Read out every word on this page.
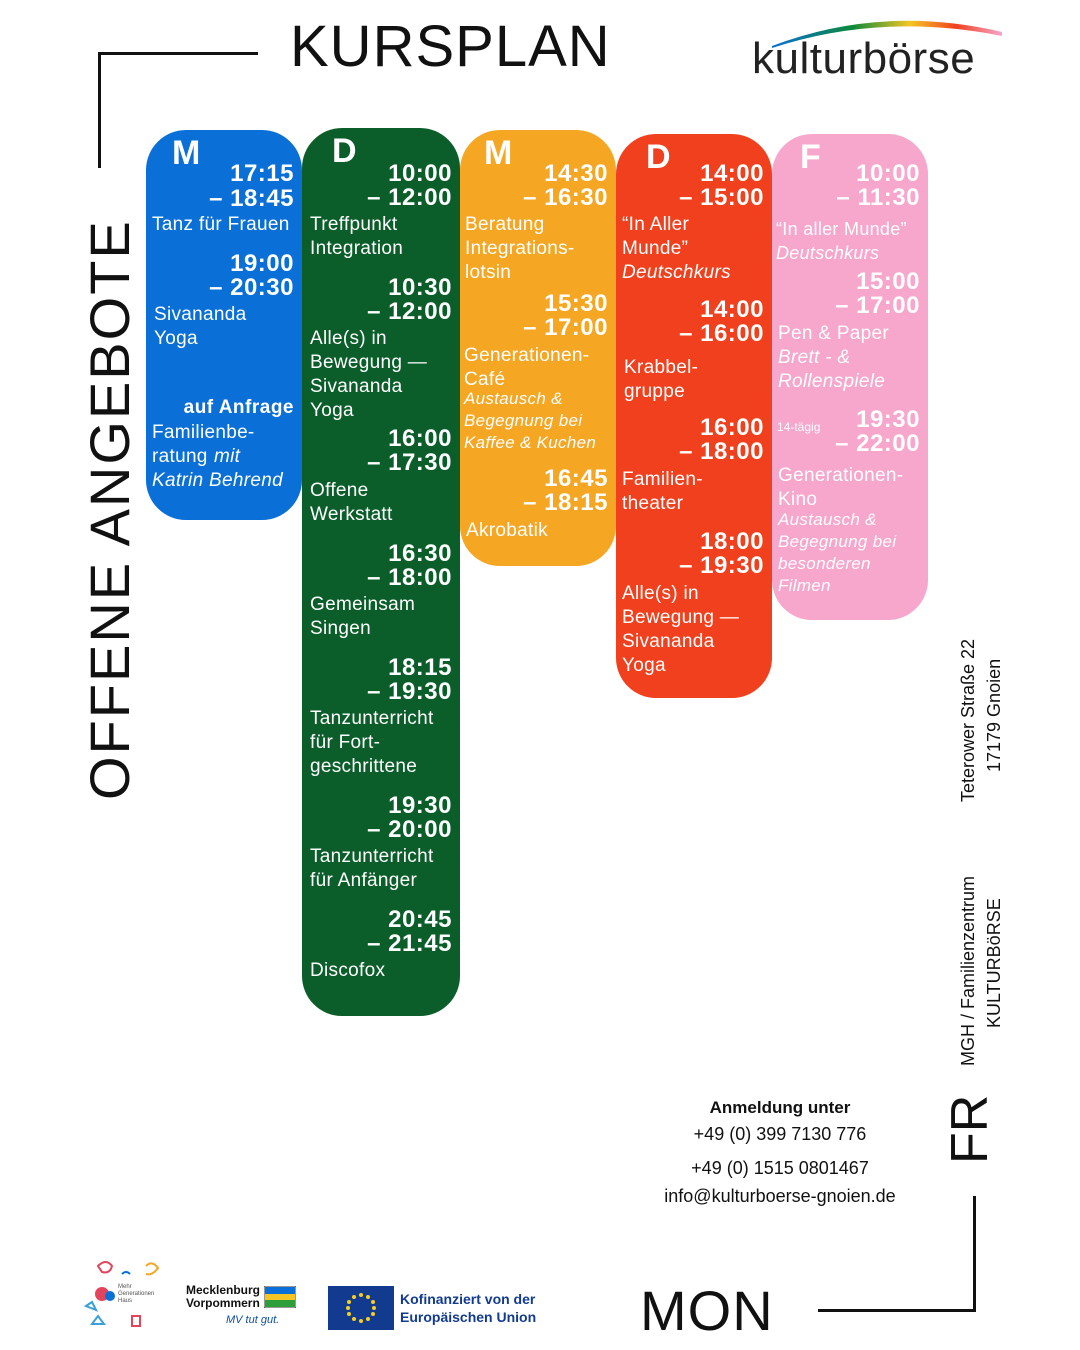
KURSPLAN	kulturbörse
OFFENE ANGEBOTE
M
17:15
– 18:45
Tanz für Frauen
19:00
– 20:30
Sivananda
Yoga
auf Anfrage
Familienbe-
ratung mit
Katrin Behrend
D
10:00
– 12:00
Treffpunkt
Integration
10:30
– 12:00
Alle(s) in
Bewegung —
Sivananda
Yoga
16:00
– 17:30
Offene
Werkstatt
16:30
– 18:00
Gemeinsam
Singen
18:15
– 19:30
Tanzunterricht
für Fort-
geschrittene
19:30
– 20:00
Tanzunterricht
für Anfänger
20:45
– 21:45
Discofox
M
14:30
– 16:30
Beratung
Integrations-
lotsin
15:30
– 17:00
Generationen-
Café
Austausch &
Begegnung bei
Kaffee & Kuchen
16:45
– 18:15
Akrobatik
D 14:00
– 15:00
“In Aller
Munde”
Deutschkurs
14:00
– 16:00
Krabbel-
gruppe
16:00
– 18:00
Familien-
theater
18:00
– 19:30
Alle(s) in
Bewegung —
Sivananda
Yoga
F 10:00
– 11:30
“In aller Munde”
Deutschkurs
15:00
– 17:00
Pen & Paper
Brett - &
Rollenspiele
14-tägig 19:30
– 22:00
Generationen-
Kino
Austausch &
Begegnung bei
besonderen
Filmen
Teterower Straße 22 17179 Gnoien
MGH / Familienzentrum KULTURBöRSE
Anmeldung unter
+49 (0) 399 7130 776
+49 (0) 1515 0801467
info@kulturboerse-gnoien.de
FR
MON
Mehr
Generationen
Haus
Mecklenburg
Vorpommern
MV tut gut.
Kofinanziert von der
Europäischen Union
